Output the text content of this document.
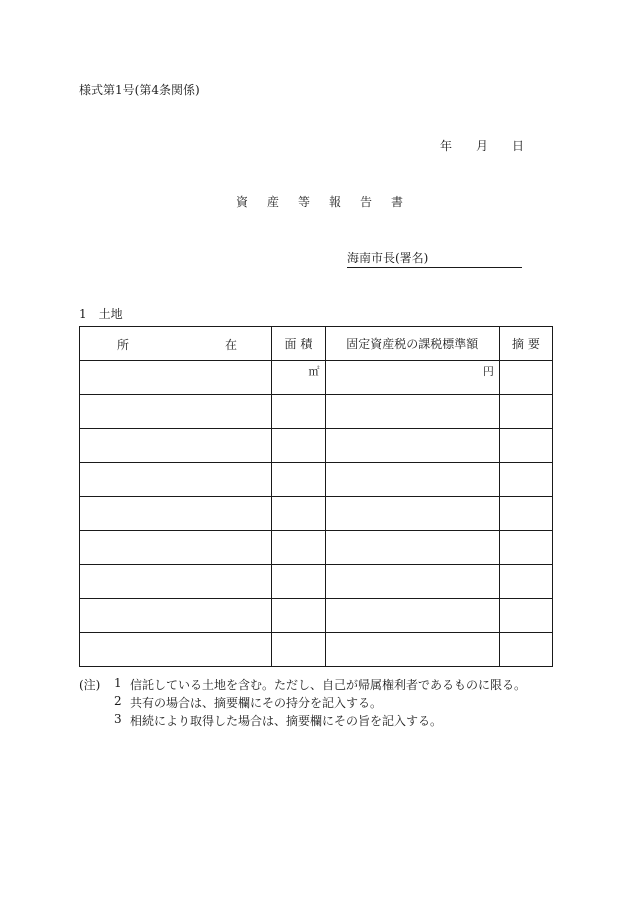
様式第1号(第4条関係)
年 月 日
資 産 等 報 告 書
海南市長(署名)
1　土地
所 在	面 積	固定資産税の課税標準額	摘 要

	㎡	円	

(注) 1 信託している土地を含む。ただし、自己が帰属権利者であるものに限る。
2 共有の場合は、摘要欄にその持分を記入する。
3 相続により取得した場合は、摘要欄にその旨を記入する。
